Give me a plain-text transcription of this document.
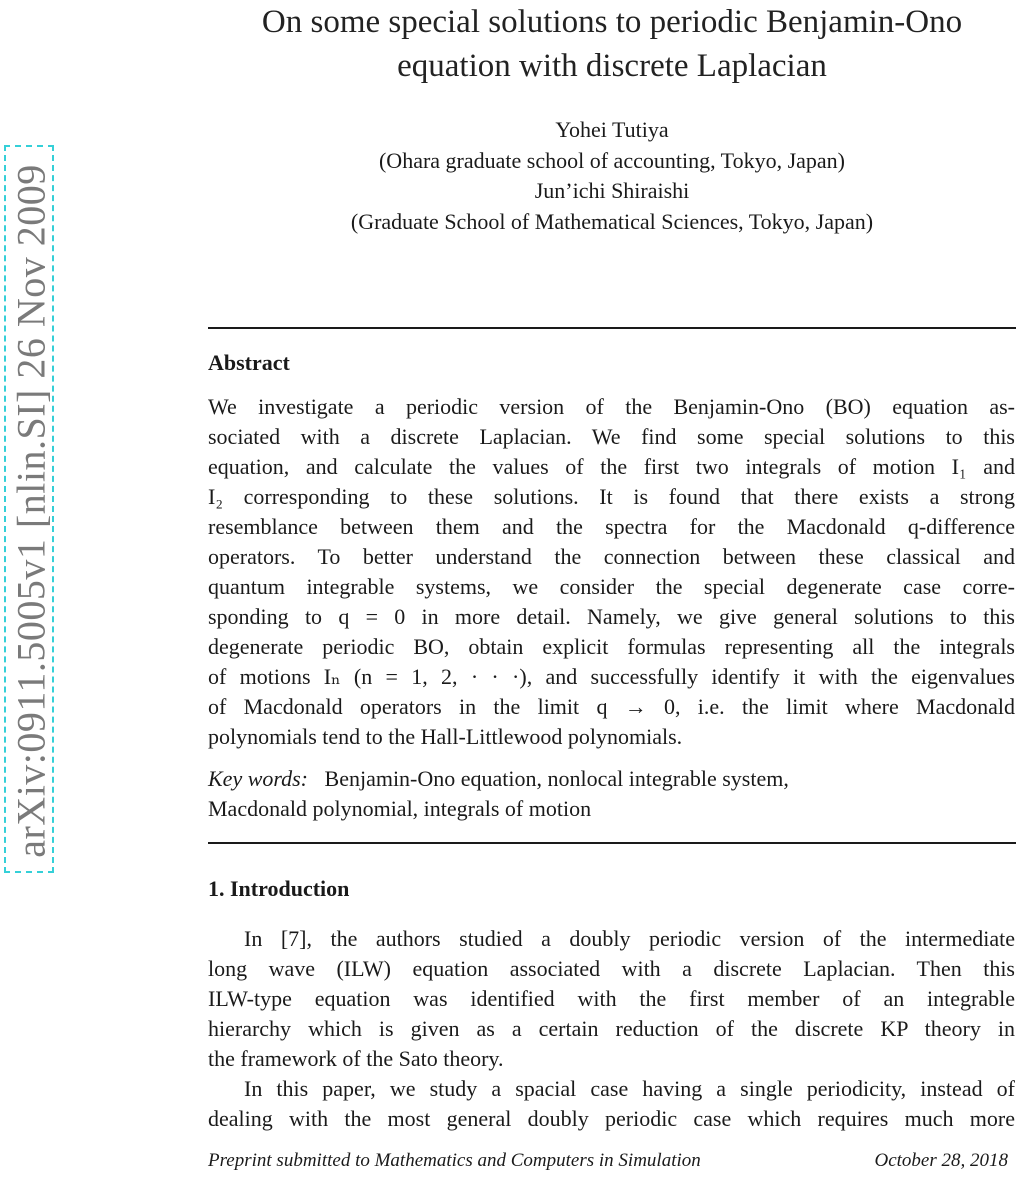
arXiv:0911.5005v1 [nlin.SI] 26 Nov 2009
On some special solutions to periodic Benjamin-Ono
equation with discrete Laplacian
Yohei Tutiya
(Ohara graduate school of accounting, Tokyo, Japan)
Jun’ichi Shiraishi
(Graduate School of Mathematical Sciences, Tokyo, Japan)
Abstract
We investigate a periodic version of the Benjamin-Ono (BO) equation as-
sociated with a discrete Laplacian. We find some special solutions to this
equation, and calculate the values of the first two integrals of motion I₁ and
I₂ corresponding to these solutions. It is found that there exists a strong
resemblance between them and the spectra for the Macdonald q-difference
operators. To better understand the connection between these classical and
quantum integrable systems, we consider the special degenerate case corre-
sponding to q = 0 in more detail. Namely, we give general solutions to this
degenerate periodic BO, obtain explicit formulas representing all the integrals
of motions Iₙ (n = 1, 2, · · ·), and successfully identify it with the eigenvalues
of Macdonald operators in the limit q → 0, i.e. the limit where Macdonald
polynomials tend to the Hall-Littlewood polynomials.
Key words: Benjamin-Ono equation, nonlocal integrable system,
Macdonald polynomial, integrals of motion
1. Introduction
In [7], the authors studied a doubly periodic version of the intermediate
long wave (ILW) equation associated with a discrete Laplacian. Then this
ILW-type equation was identified with the first member of an integrable
hierarchy which is given as a certain reduction of the discrete KP theory in
the framework of the Sato theory.
In this paper, we study a spacial case having a single periodicity, instead of
dealing with the most general doubly periodic case which requires much more
Preprint submitted to Mathematics and Computers in Simulation	October 28, 2018
